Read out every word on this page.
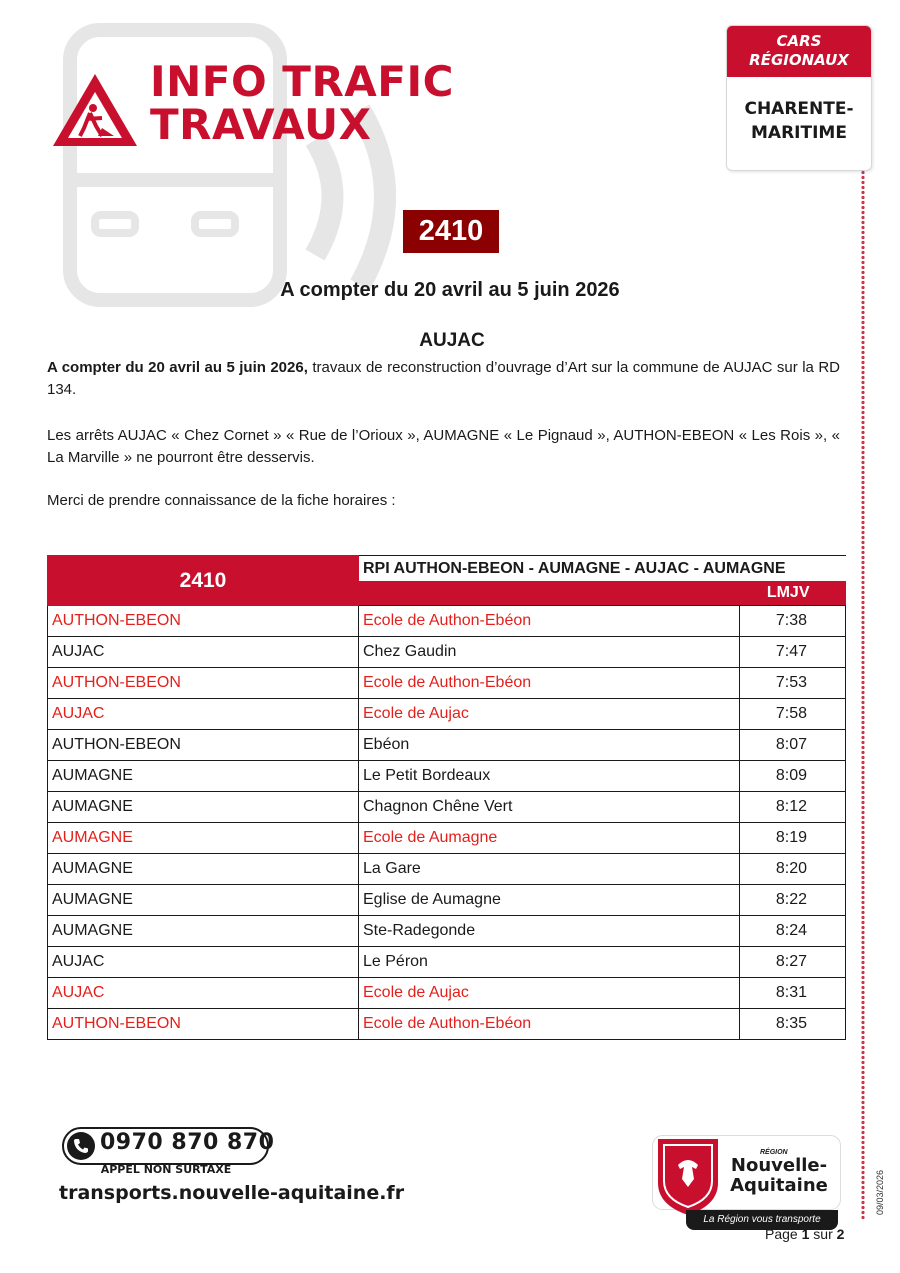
INFO TRAFIC
TRAVAUX
CARS RÉGIONAUX
CHARENTE-MARITIME
2410
A compter du 20 avril au 5 juin 2026
AUJAC
A compter du 20 avril au 5 juin 2026, travaux de reconstruction d’ouvrage d’Art sur la commune de AUJAC sur la RD 134.
Les arrêts AUJAC « Chez Cornet » « Rue de l’Orioux », AUMAGNE « Le Pignaud », AUTHON-EBEON « Les Rois », « La Marville » ne pourront être desservis.
Merci de prendre connaissance de la fiche horaires :
2410	RPI AUTHON-EBEON - AUMAGNE - AUJAC - AUMAGNE	
	LMJV	
AUTHON-EBEON	Ecole de Authon-Ebéon	7:38
AUJAC	Chez Gaudin	7:47
AUTHON-EBEON	Ecole de Authon-Ebéon	7:53
AUJAC	Ecole de Aujac	7:58
AUTHON-EBEON	Ebéon	8:07
AUMAGNE	Le Petit Bordeaux	8:09
AUMAGNE	Chagnon Chêne Vert	8:12
AUMAGNE	Ecole de Aumagne	8:19
AUMAGNE	La Gare	8:20
AUMAGNE	Eglise de Aumagne	8:22
AUMAGNE	Ste-Radegonde	8:24
AUJAC	Le Péron	8:27
AUJAC	Ecole de Aujac	8:31
AUTHON-EBEON	Ecole de Authon-Ebéon	8:35
0970 870 870
APPEL NON SURTAXÉ
transports.nouvelle-aquitaine.fr
RÉGION
Nouvelle-Aquitaine
La Région vous transporte
Page 1 sur 2
09/03/2026
